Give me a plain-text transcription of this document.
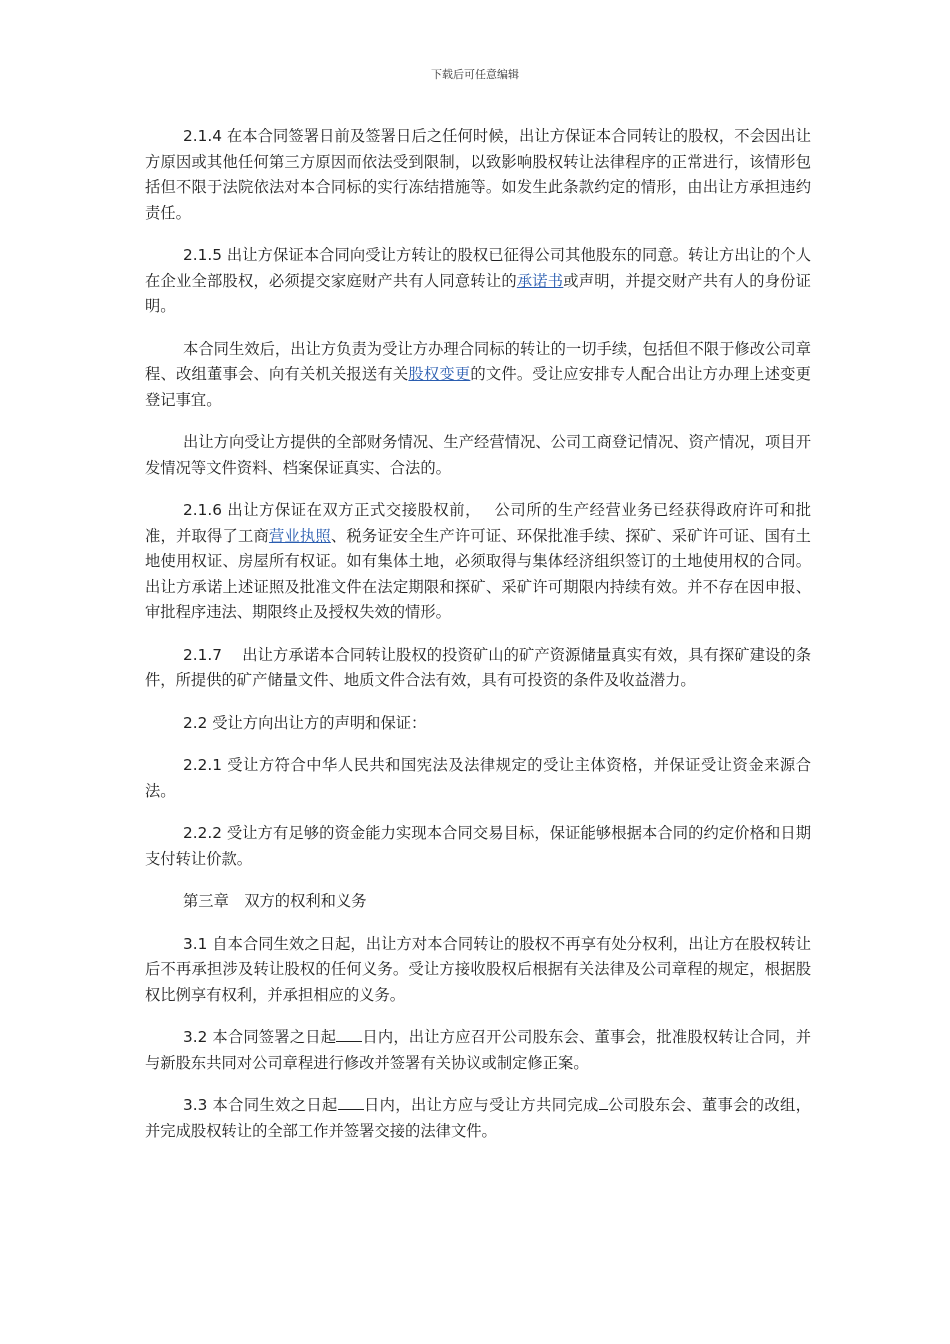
下载后可任意编辑

2.1.4 在本合同签署日前及签署日后之任何时候，出让方保证本合同转让的股权，不会因出让方原因或其他任何第三方原因而依法受到限制，以致影响股权转让法律程序的正常进行，该情形包括但不限于法院依法对本合同标的实行冻结措施等。如发生此条款约定的情形，由出让方承担违约责任。

2.1.5 出让方保证本合同向受让方转让的股权已征得公司其他股东的同意。转让方出让的个人在企业全部股权，必须提交家庭财产共有人同意转让的承诺书或声明，并提交财产共有人的身份证明。

本合同生效后，出让方负责为受让方办理合同标的转让的一切手续，包括但不限于修改公司章程、改组董事会、向有关机关报送有关股权变更的文件。受让应安排专人配合出让方办理上述变更登记事宜。

出让方向受让方提供的全部财务情况、生产经营情况、公司工商登记情况、资产情况，项目开发情况等文件资料、档案保证真实、合法的。

2.1.6 出让方保证在双方正式交接股权前，　 公司所的生产经营业务已经获得政府许可和批准，并取得了工商营业执照、税务证安全生产许可证、环保批准手续、探矿、采矿许可证、国有土地使用权证、房屋所有权证。如有集体土地，必须取得与集体经济组织签订的土地使用权的合同。出让方承诺上述证照及批准文件在法定期限和探矿、采矿许可期限内持续有效。并不存在因申报、审批程序违法、期限终止及授权失效的情形。

2.1.7 　出让方承诺本合同转让股权的投资矿山的矿产资源储量真实有效，具有探矿建设的条件，所提供的矿产储量文件、地质文件合法有效，具有可投资的条件及收益潜力。

2.2 受让方向出让方的声明和保证：

2.2.1 受让方符合中华人民共和国宪法及法律规定的受让主体资格，并保证受让资金来源合法。

2.2.2 受让方有足够的资金能力实现本合同交易目标，保证能够根据本合同的约定价格和日期支付转让价款。

第三章　双方的权利和义务

3.1 自本合同生效之日起，出让方对本合同转让的股权不再享有处分权利，出让方在股权转让后不再承担涉及转让股权的任何义务。受让方接收股权后根据有关法律及公司章程的规定，根据股权比例享有权利，并承担相应的义务。

3.2 本合同签署之日起 日内，出让方应召开公司股东会、董事会，批准股权转让合同，并与新股东共同对公司章程进行修改并签署有关协议或制定修正案。

3.3 本合同生效之日起 日内，出让方应与受让方共同完成 公司股东会、董事会的改组，并完成股权转让的全部工作并签署交接的法律文件。
